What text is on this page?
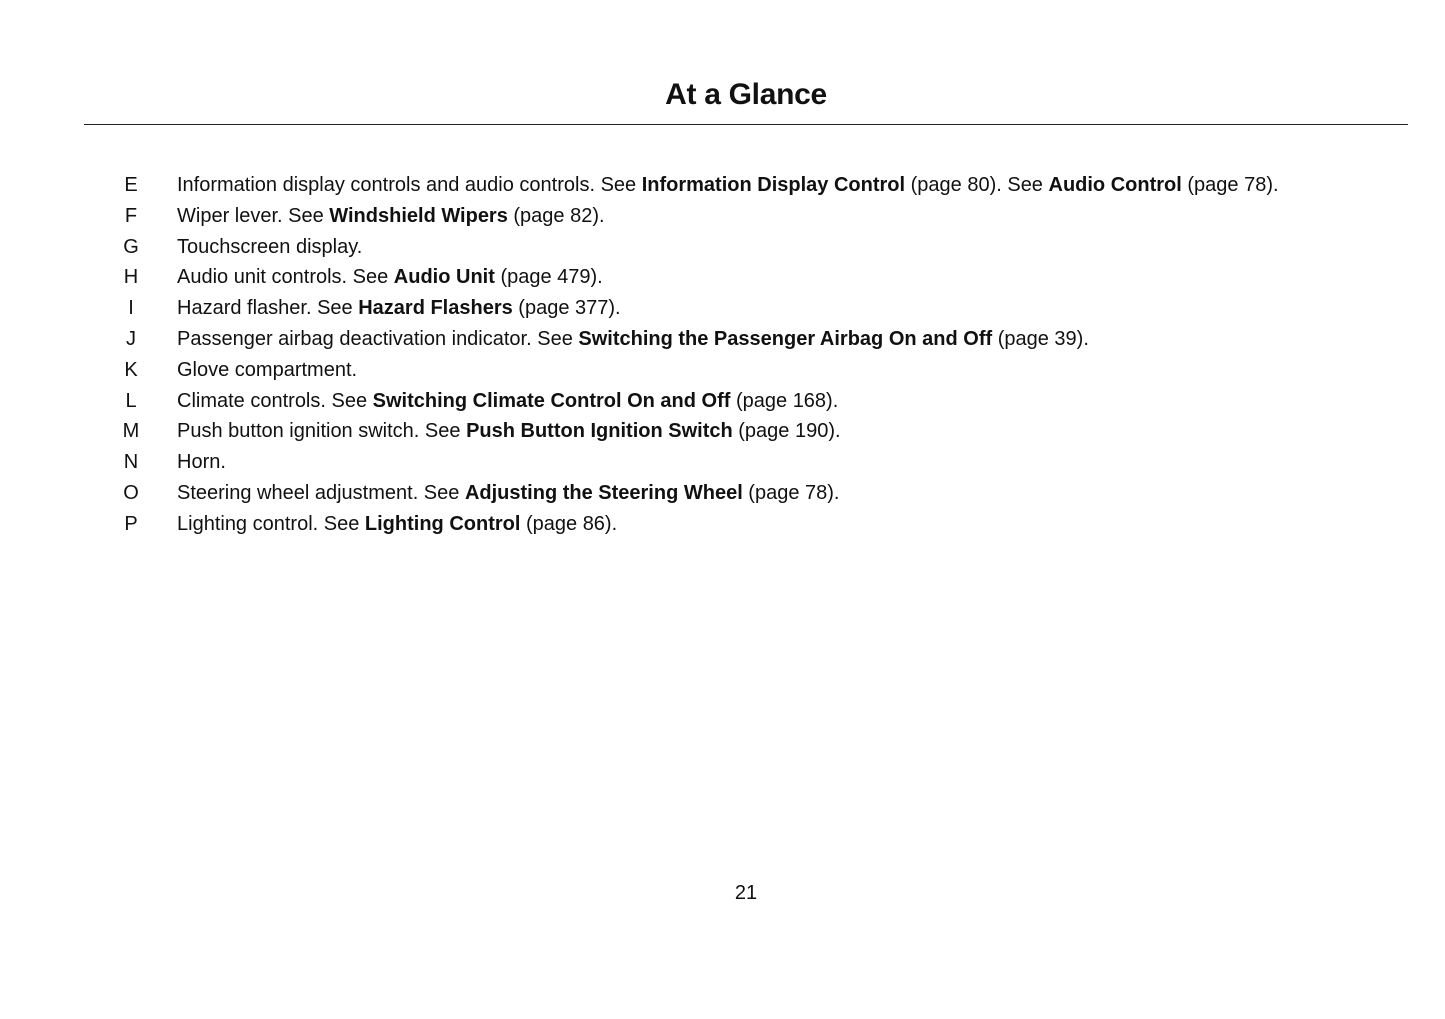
At a Glance
E	Information display controls and audio controls. See Information Display Control (page 80). See Audio Control (page 78).
F	Wiper lever. See Windshield Wipers (page 82).
G	Touchscreen display.
H	Audio unit controls. See Audio Unit (page 479).
I	Hazard flasher. See Hazard Flashers (page 377).
J	Passenger airbag deactivation indicator. See Switching the Passenger Airbag On and Off (page 39).
K	Glove compartment.
L	Climate controls. See Switching Climate Control On and Off (page 168).
M	Push button ignition switch. See Push Button Ignition Switch (page 190).
N	Horn.
O	Steering wheel adjustment. See Adjusting the Steering Wheel (page 78).
P	Lighting control. See Lighting Control (page 86).
21
